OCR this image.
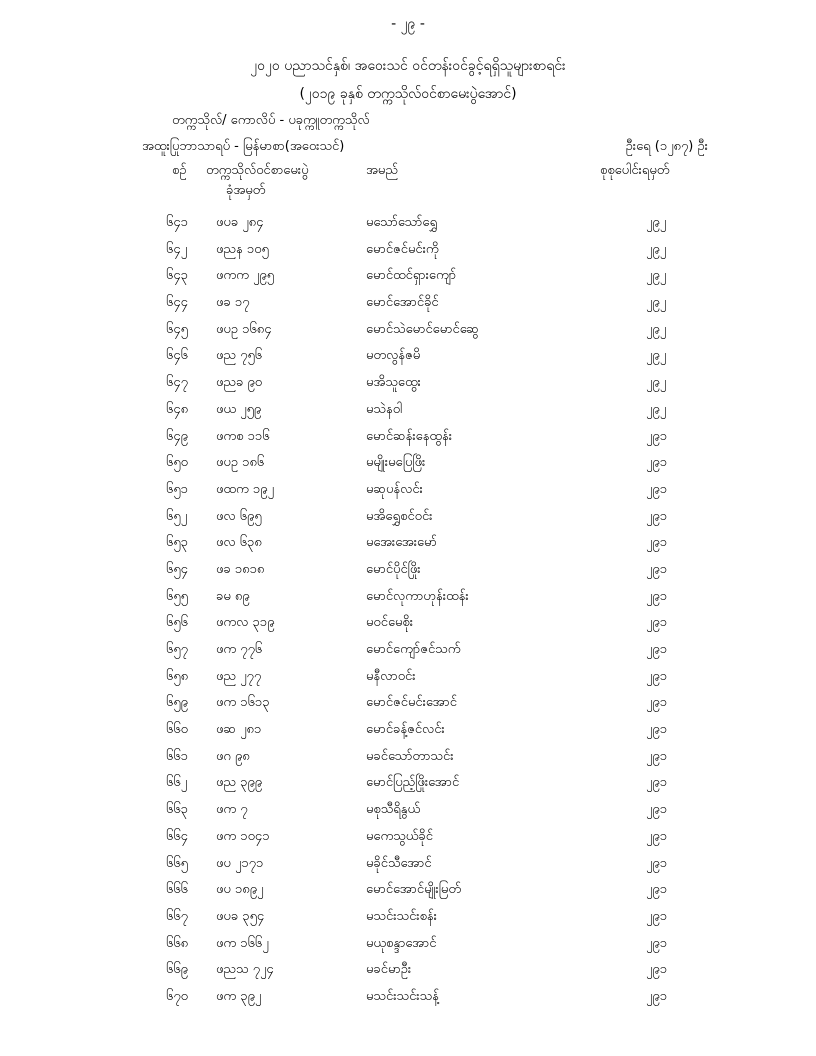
- ၂၉ -
၂၀၂၀ ပညာသင်နှစ်၊ အဝေးသင် ဝင်တန်းဝင်ခွင့်ရရှိသူများစာရင်း
(၂၀၁၉ ခုနှစ် တက္ကသိုလ်ဝင်စာမေးပွဲအောင်)
တက္ကသိုလ်/ ကောလိပ် - ပခုက္ကူတက္ကသိုလ်
အထူးပြုဘာသာရပ် - မြန်မာစာ(အဝေးသင်)	ဦးရေ (၁၂၈၇) ဦး
စဉ် တက္ကသိုလ်ဝင်စာမေးပွဲ
ခုံအမှတ်
အမည်	စုစုပေါင်းရမှတ်
၆၄၁ ဖပခ ၂၈၄	မသော်သော်ရွှေ	၂၉၂
၆၄၂ ဖညန ၁၀၅	မောင်ဇင်မင်းကို	၂၉၂
၆၄၃ ဖကက ၂၉၅	မောင်ထင်ရှားကျော်	၂၉၂
၆၄၄ ဖခ ၁၇	မောင်အောင်ခိုင်	၂၉၂
၆၄၅ ဖပဥ ၁၆၈၄	မောင်သဲမောင်မောင်ဆွေ	၂၉၂
၆၄၆ ဖည ၇၅၆	မတလွန်ဇမိ	၂၉၂
၆၄၇ ဖညခ ၉၀	မအိသူထွေး	၂၉၂
၆၄၈ ဖယ ၂၅၉	မသဲနဝါ	၂၉၂
၆၄၉ ဖကစ ၁၁၆	မောင်ဆန်းနေထွန်း	၂၉၁
၆၅၀ ဖပဥ ၁၈၆	မမျိုးမပြေဖြိး	၂၉၁
၆၅၁ ဖထက ၁၉၂	မဆုပန်လင်း	၂၉၁
၆၅၂ ဖလ ၆၉၅	မအိရွှေစင်ဝင်း	၂၉၁
၆၅၃ ဖလ ၆၃၈	မအေးအေးမော်	၂၉၁
၆၅၄ ဖခ ၁၈၁၈	မောင်ပိုင်ဖြိုး	၂၉၁
၆၅၅ ခမ ၈၉	မောင်လုကာဟုန်းထန်း	၂၉၁
၆၅၆ ဖကလ ၃၁၉	မဝင်မေစိုး	၂၉၁
၆၅၇ ဖက ၇၇၆	မောင်ကျော်ဇင်သက်	၂၉၁
၆၅၈ ဖည ၂၇၇	မနီလာဝင်း	၂၉၁
၆၅၉ ဖက ၁၆၁၃	မောင်ဇင်မင်းအောင်	၂၉၁
၆၆၀ ဖဆ ၂၈၁	မောင်ခန့်ဇင်လင်း	၂၉၁
၆၆၁ ဖဂ ၉၈	မခင်သော်တာသင်း	၂၉၁
၆၆၂ ဖည ၃၉၉	မောင်ပြည့်ဖြိုးအောင်	၂၉၁
၆၆၃ ဖက ၇	မစုသီရိနွယ်	၂၉၁
၆၆၄ ဖက ၁၀၄၁	မကေသွယ်ခိုင်	၂၉၁
၆၆၅ ဖပ ၂၁၇၁	မခိုင်သီအောင်	၂၉၁
၆၆၆ ဖပ ၁၈၉၂	မောင်အောင်မျိုးမြတ်	၂၉၁
၆၆၇ ဖပခ ၃၅၄	မသင်းသင်းစန်း	၂၉၁
၆၆၈ ဖက ၁၆၆၂	မယုစန္ဒာအောင်	၂၉၁
၆၆၉ ဖညသ ၇၂၄	မခင်မာဦး	၂၉၁
၆၇၀ ဖက ၃၉၂	မသင်းသင်းသန့်	၂၉၁
